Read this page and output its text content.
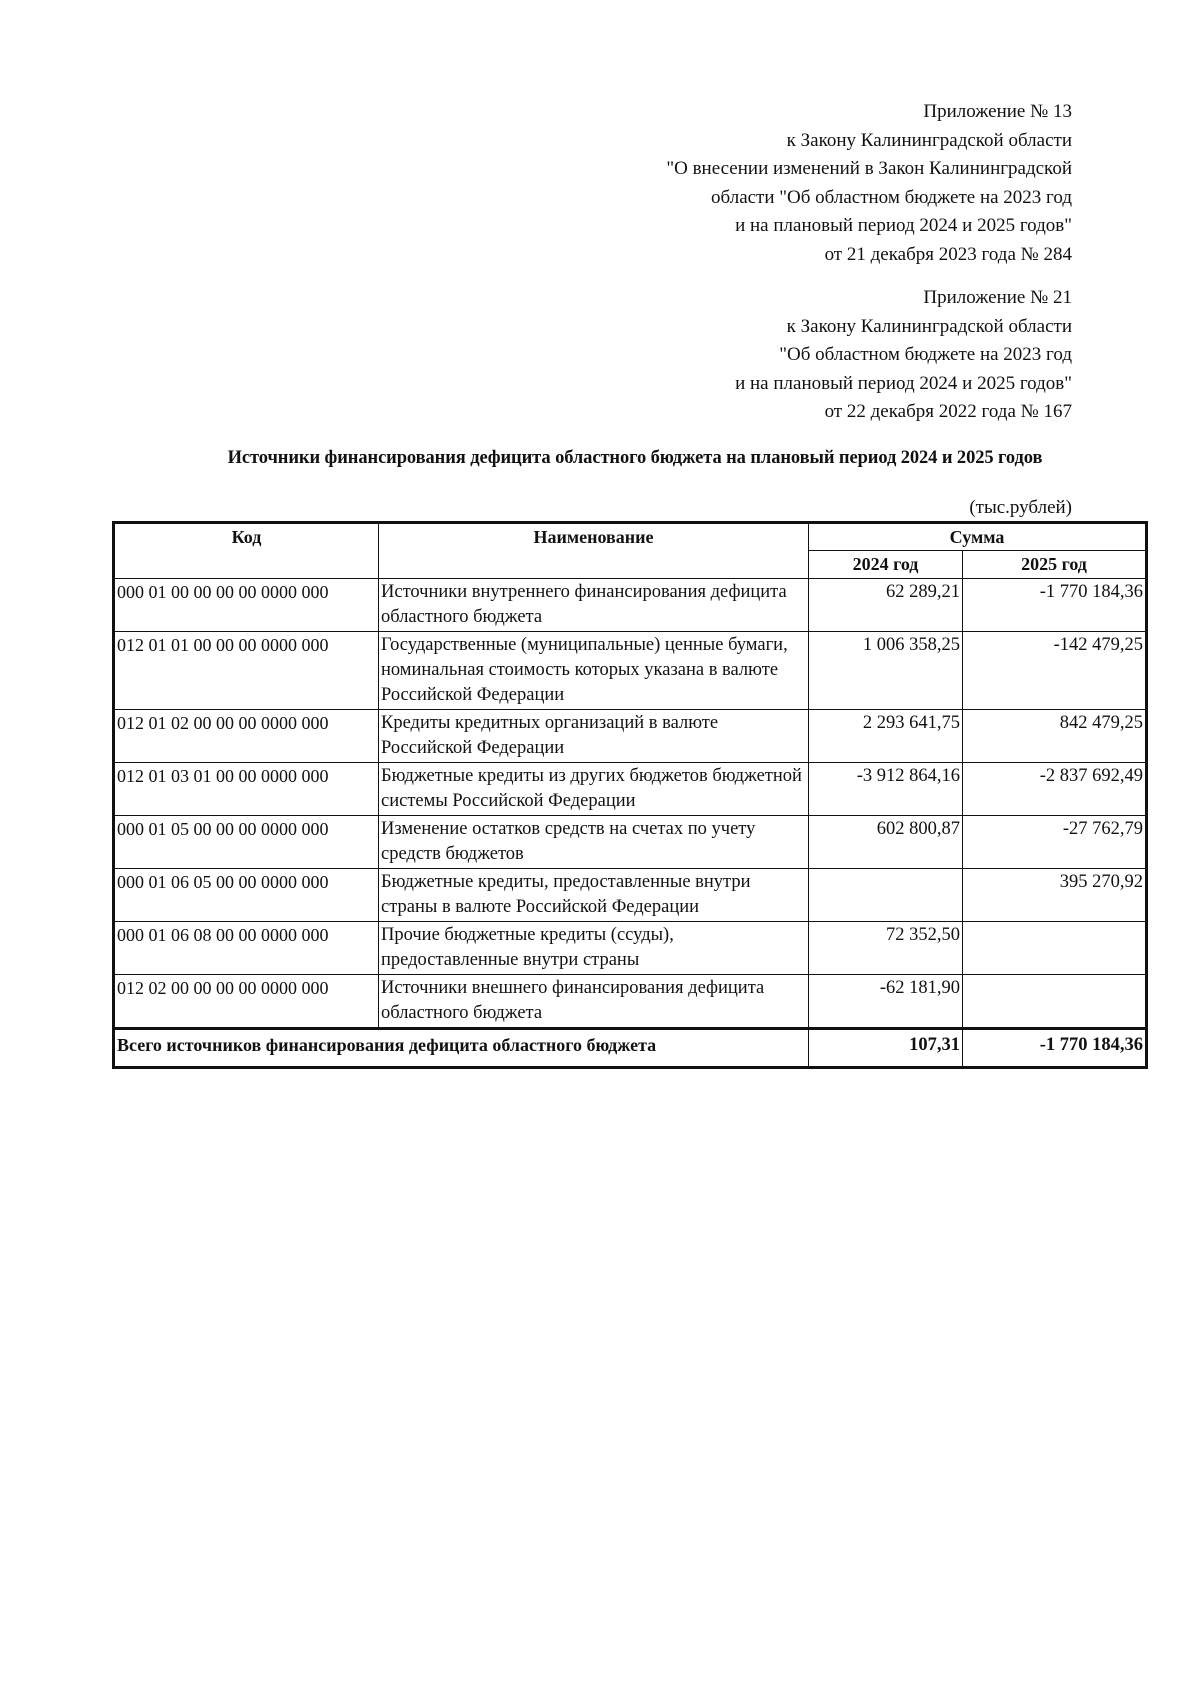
Приложение № 13
к Закону Калининградской области
"О внесении изменений в Закон Калининградской
области "Об областном бюджете на 2023 год
и на плановый период 2024 и 2025 годов"
от 21 декабря 2023 года № 284
Приложение № 21
к Закону Калининградской области
"Об областном бюджете на 2023 год
и на плановый период 2024 и 2025 годов"
от 22 декабря 2022 года № 167
Источники финансирования дефицита областного бюджета на плановый период 2024 и 2025 годов
(тыс.рублей)
Код	Наименование	Сумма	
		2024 год	2025 год
000 01 00 00 00 00 0000 000	Источники внутреннего финансирования дефицита областного бюджета	62 289,21	-1 770 184,36
012 01 01 00 00 00 0000 000	Государственные (муниципальные) ценные бумаги, номинальная стоимость которых указана в валюте Российской Федерации	1 006 358,25	-142 479,25
012 01 02 00 00 00 0000 000	Кредиты кредитных организаций в валюте Российской Федерации	2 293 641,75	842 479,25
012 01 03 01 00 00 0000 000	Бюджетные кредиты из других бюджетов бюджетной системы Российской Федерации	-3 912 864,16	-2 837 692,49
000 01 05 00 00 00 0000 000	Изменение остатков средств на счетах по учету средств бюджетов	602 800,87	-27 762,79
000 01 06 05 00 00 0000 000	Бюджетные кредиты, предоставленные внутри страны в валюте Российской Федерации		395 270,92
000 01 06 08 00 00 0000 000	Прочие бюджетные кредиты (ссуды), предоставленные внутри страны	72 352,50	
012 02 00 00 00 00 0000 000	Источники внешнего финансирования дефицита областного бюджета	-62 181,90	
Всего источников финансирования дефицита областного бюджета		107,31	-1 770 184,36
